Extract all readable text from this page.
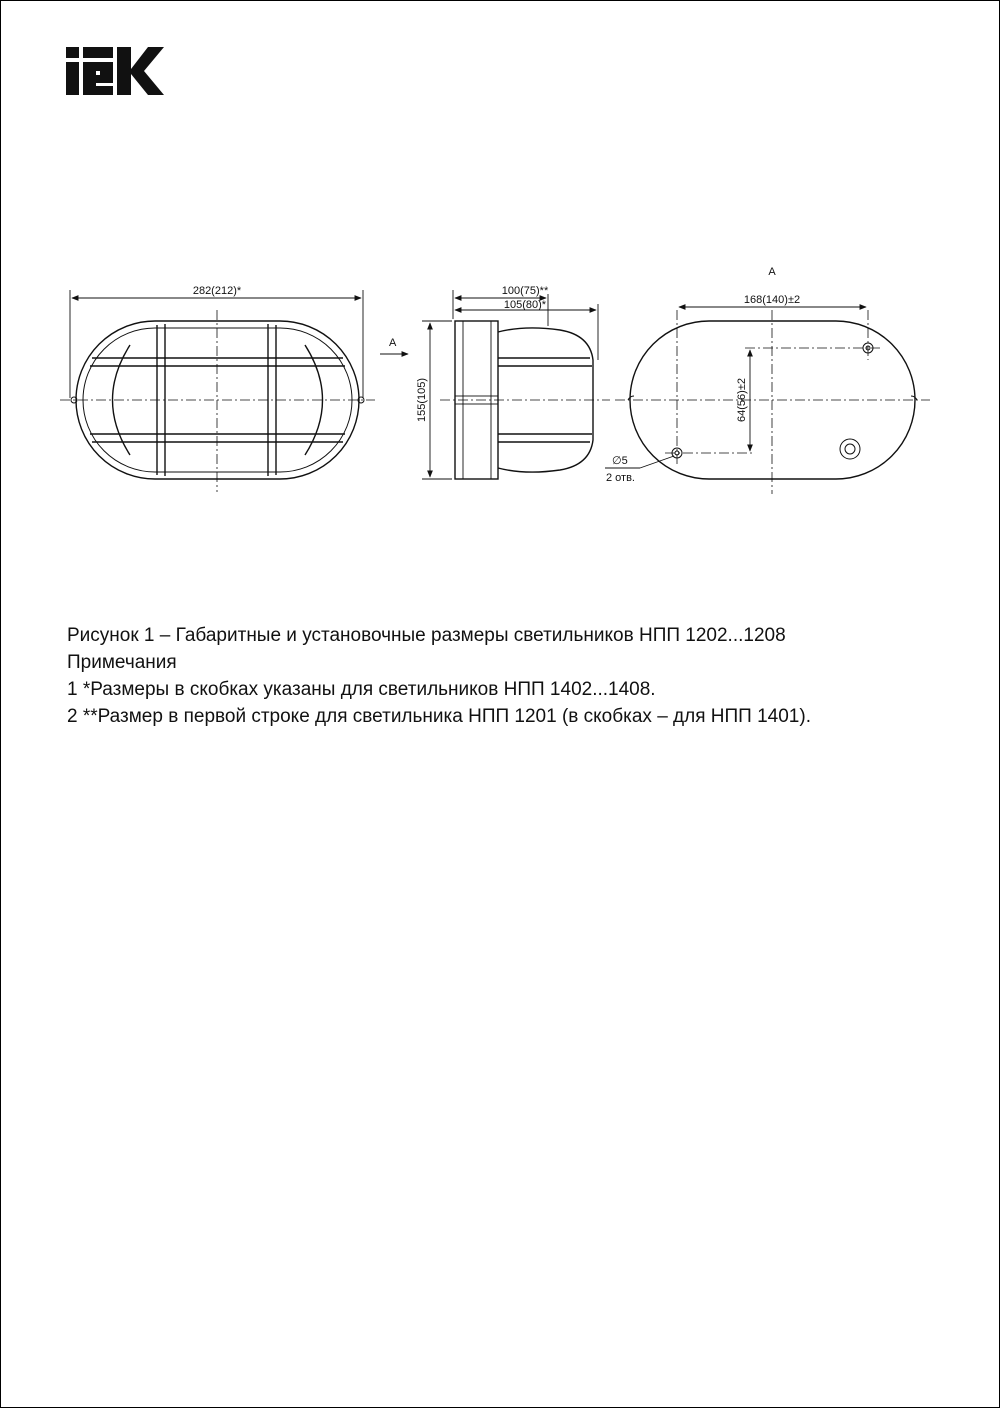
282(212)*
A
100(75)**
105(80)*
155(105)
A
168(140)±2
64(56)±2
∅5
2 отв.
Рисунок 1 – Габаритные и установочные размеры светильников НПП 1202...1208
Примечания
1 *Размеры в скобках указаны для светильников НПП 1402...1408.
2 **Размер в первой строке для светильника НПП 1201 (в скобках – для НПП 1401).
